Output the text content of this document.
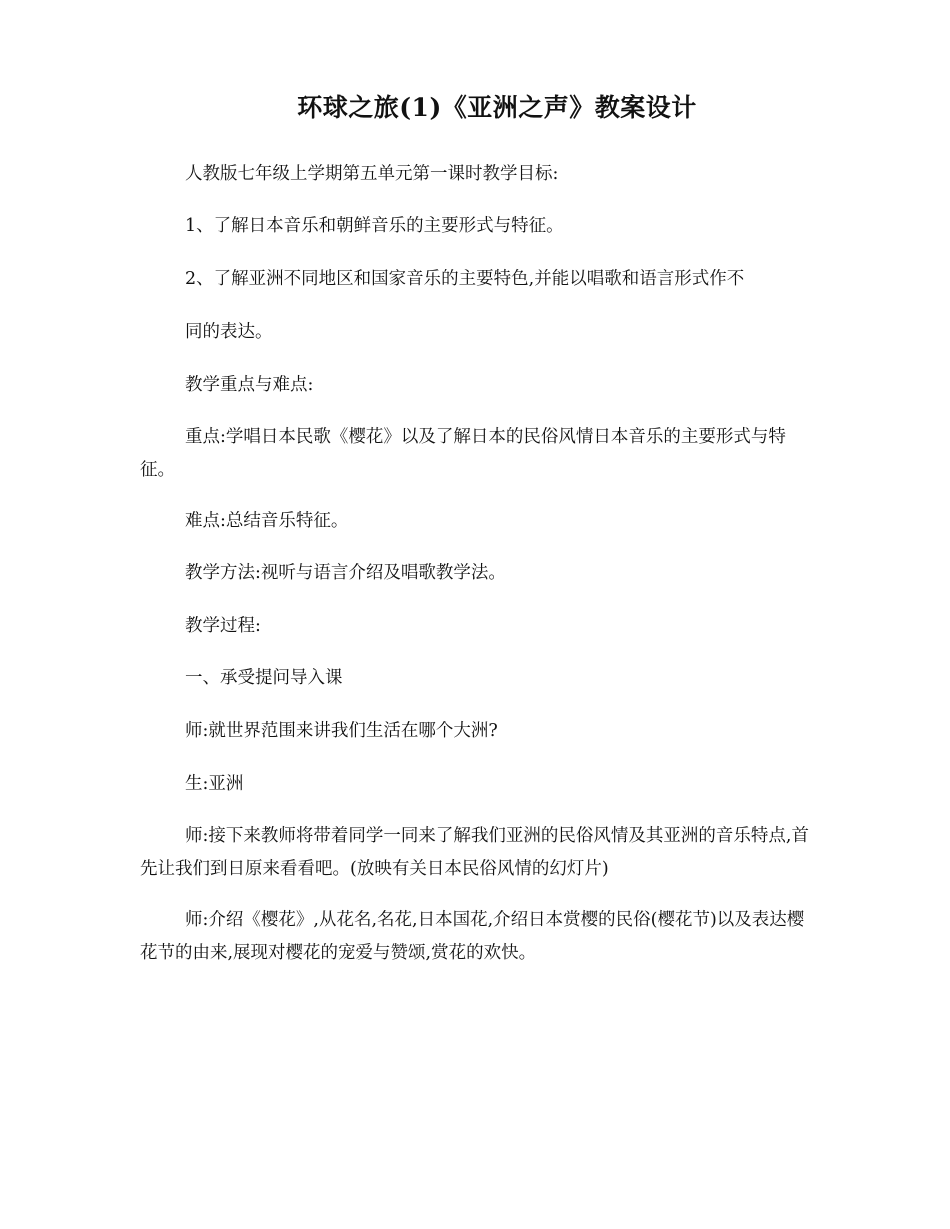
环球之旅(1)《亚洲之声》教案设计
人教版七年级上学期第五单元第一课时教学目标:
1、了解日本音乐和朝鲜音乐的主要形式与特征。
2、了解亚洲不同地区和国家音乐的主要特色,并能以唱歌和语言形式作不
同的表达。
教学重点与难点:
重点:学唱日本民歌《樱花》以及了解日本的民俗风情日本音乐的主要形式与特征。
难点:总结音乐特征。
教学方法:视听与语言介绍及唱歌教学法。
教学过程:
一、承受提问导入课
师:就世界范围来讲我们生活在哪个大洲?
生:亚洲
师:接下来教师将带着同学一同来了解我们亚洲的民俗风情及其亚洲的音乐特点,首先让我们到日原来看看吧。(放映有关日本民俗风情的幻灯片)
师:介绍《樱花》,从花名,名花,日本国花,介绍日本赏樱的民俗(樱花节)以及表达樱花节的由来,展现对樱花的宠爱与赞颂,赏花的欢快。
